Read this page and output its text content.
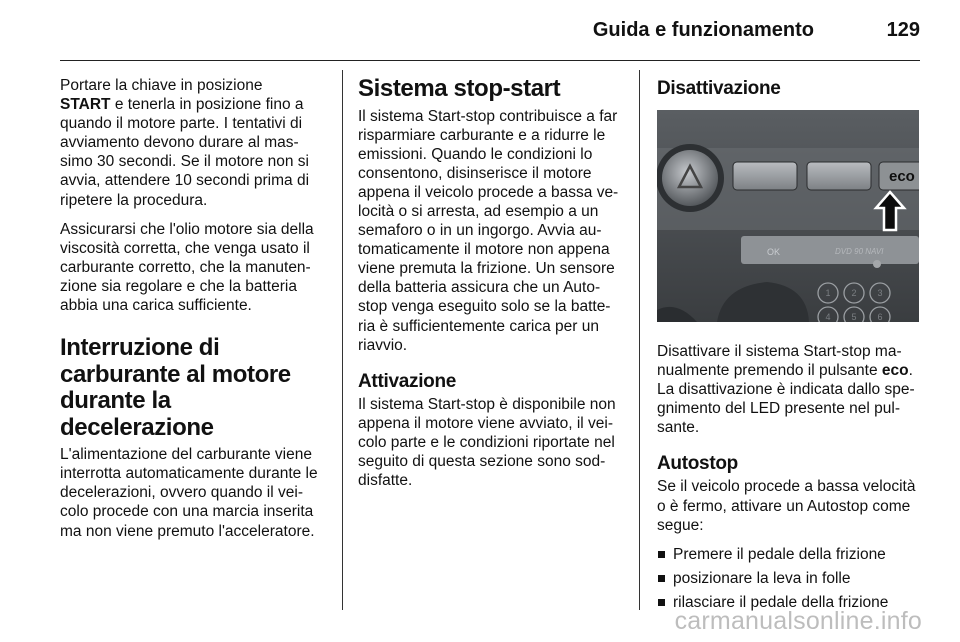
Guida e funzionamento	129

Portare la chiave in posizione
START e tenerla in posizione fino a quando il motore parte. I tentativi di avviamento devono durare al mas-simo 30 secondi. Se il motore non si avvia, attendere 10 secondi prima di ripetere la procedura.

Assicurarsi che l'olio motore sia della viscosità corretta, che venga usato il carburante corretto, che la manuten-zione sia regolare e che la batteria abbia una carica sufficiente.

Interruzione di carburante al motore durante la decelerazione

L'alimentazione del carburante viene interrotta automaticamente durante le decelerazioni, ovvero quando il vei-colo procede con una marcia inserita ma non viene premuto l'acceleratore.

Sistema stop-start

Il sistema Start-stop contribuisce a far risparmiare carburante e a ridurre le emissioni. Quando le condizioni lo consentono, disinserisce il motore appena il veicolo procede a bassa ve-locità o si arresta, ad esempio a un semaforo o in un ingorgo. Avvia au-tomaticamente il motore non appena viene premuta la frizione. Un sensore della batteria assicura che un Auto-stop venga eseguito solo se la batte-ria è sufficientemente carica per un riavvio.

Attivazione

Il sistema Start-stop è disponibile non appena il motore viene avviato, il vei-colo parte e le condizioni riportate nel seguito di questa sezione sono sod-disfatte.

Disattivazione
eco
OK	DVD 90 NAVI
1 2 3
4 5 6

Disattivare il sistema Start-stop ma-nualmente premendo il pulsante eco. La disattivazione è indicata dallo spe-gnimento del LED presente nel pul-sante.

Autostop

Se il veicolo procede a bassa velocità o è fermo, attivare un Autostop come segue:

Premere il pedale della frizione
posizionare la leva in folle
rilasciare il pedale della frizione
carmanualsonline.info
